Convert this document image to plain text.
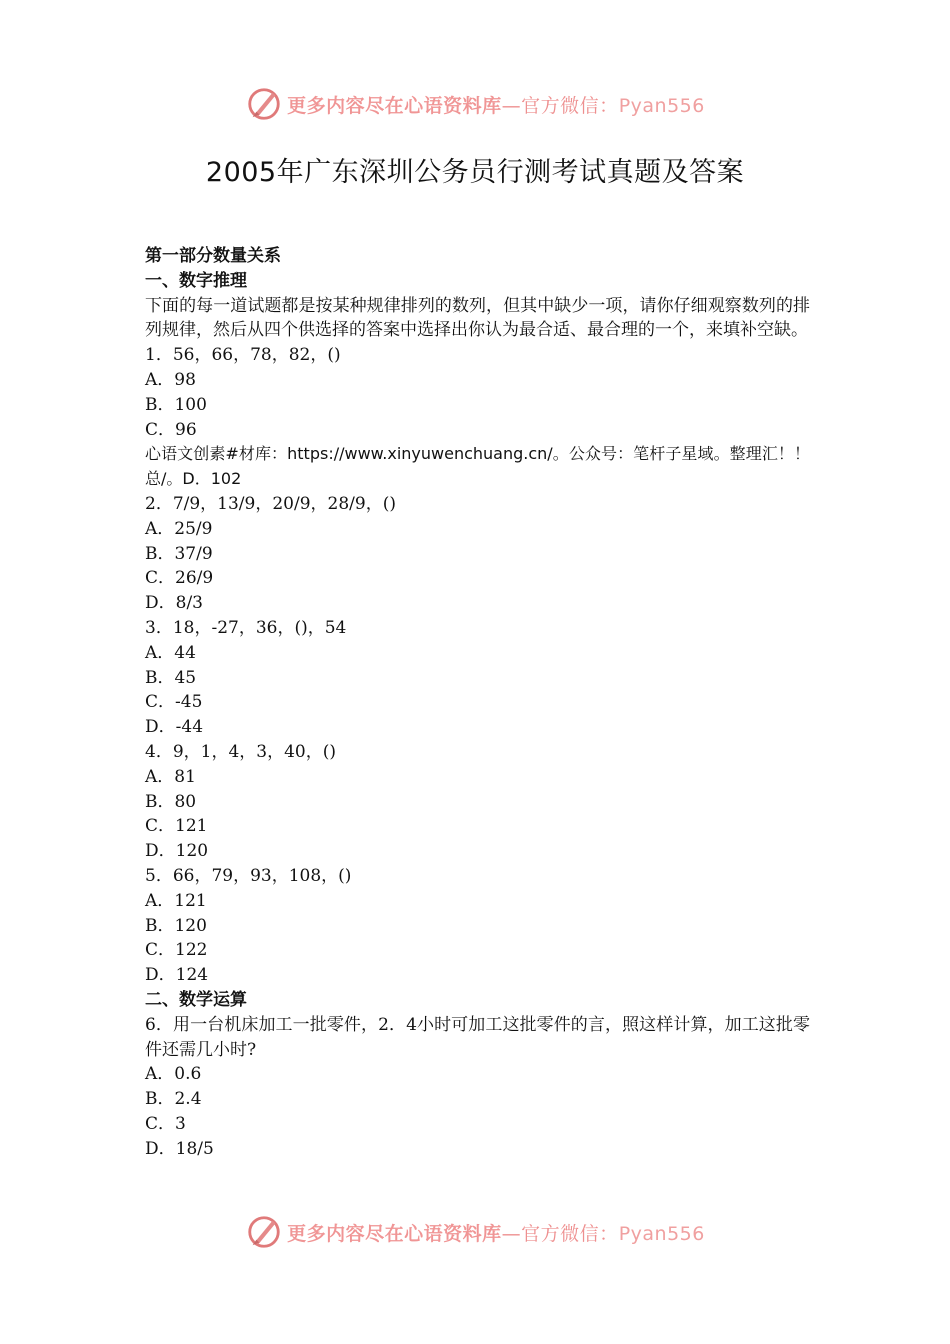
更多内容尽在心语资料库—官方微信：Pyan556
2005年广东深圳公务员行测考试真题及答案

第一部分数量关系

一、数字推理

下面的每一道试题都是按某种规律排列的数列，但其中缺少一项，请你仔细观察数列的排列规律，然后从四个供选择的答案中选择出你认为最合适、最合理的一个，来填补空缺。

1．56，66，78，82，()

A．98

B．100

C．96

心语文创素#材库：https://www.xinyuwenchuang.cn/。公众号：笔杆子星域。整理汇！！总/。D．102

2．7/9，13/9，20/9，28/9，()

A．25/9

B．37/9

C．26/9

D．8/3

3．18，-27，36，()，54

A．44

B．45

C．-45

D．-44

4．9，1，4，3，40，()

A．81

B．80

C．121

D．120

5．66，79，93，108，()

A．121

B．120

C．122

D．124

二、数学运算

6．用一台机床加工一批零件，2．4小时可加工这批零件的言，照这样计算，加工这批零件还需几小时?

A．0.6

B．2.4

C．3

D．18/5

更多内容尽在心语资料库—官方微信：Pyan556
